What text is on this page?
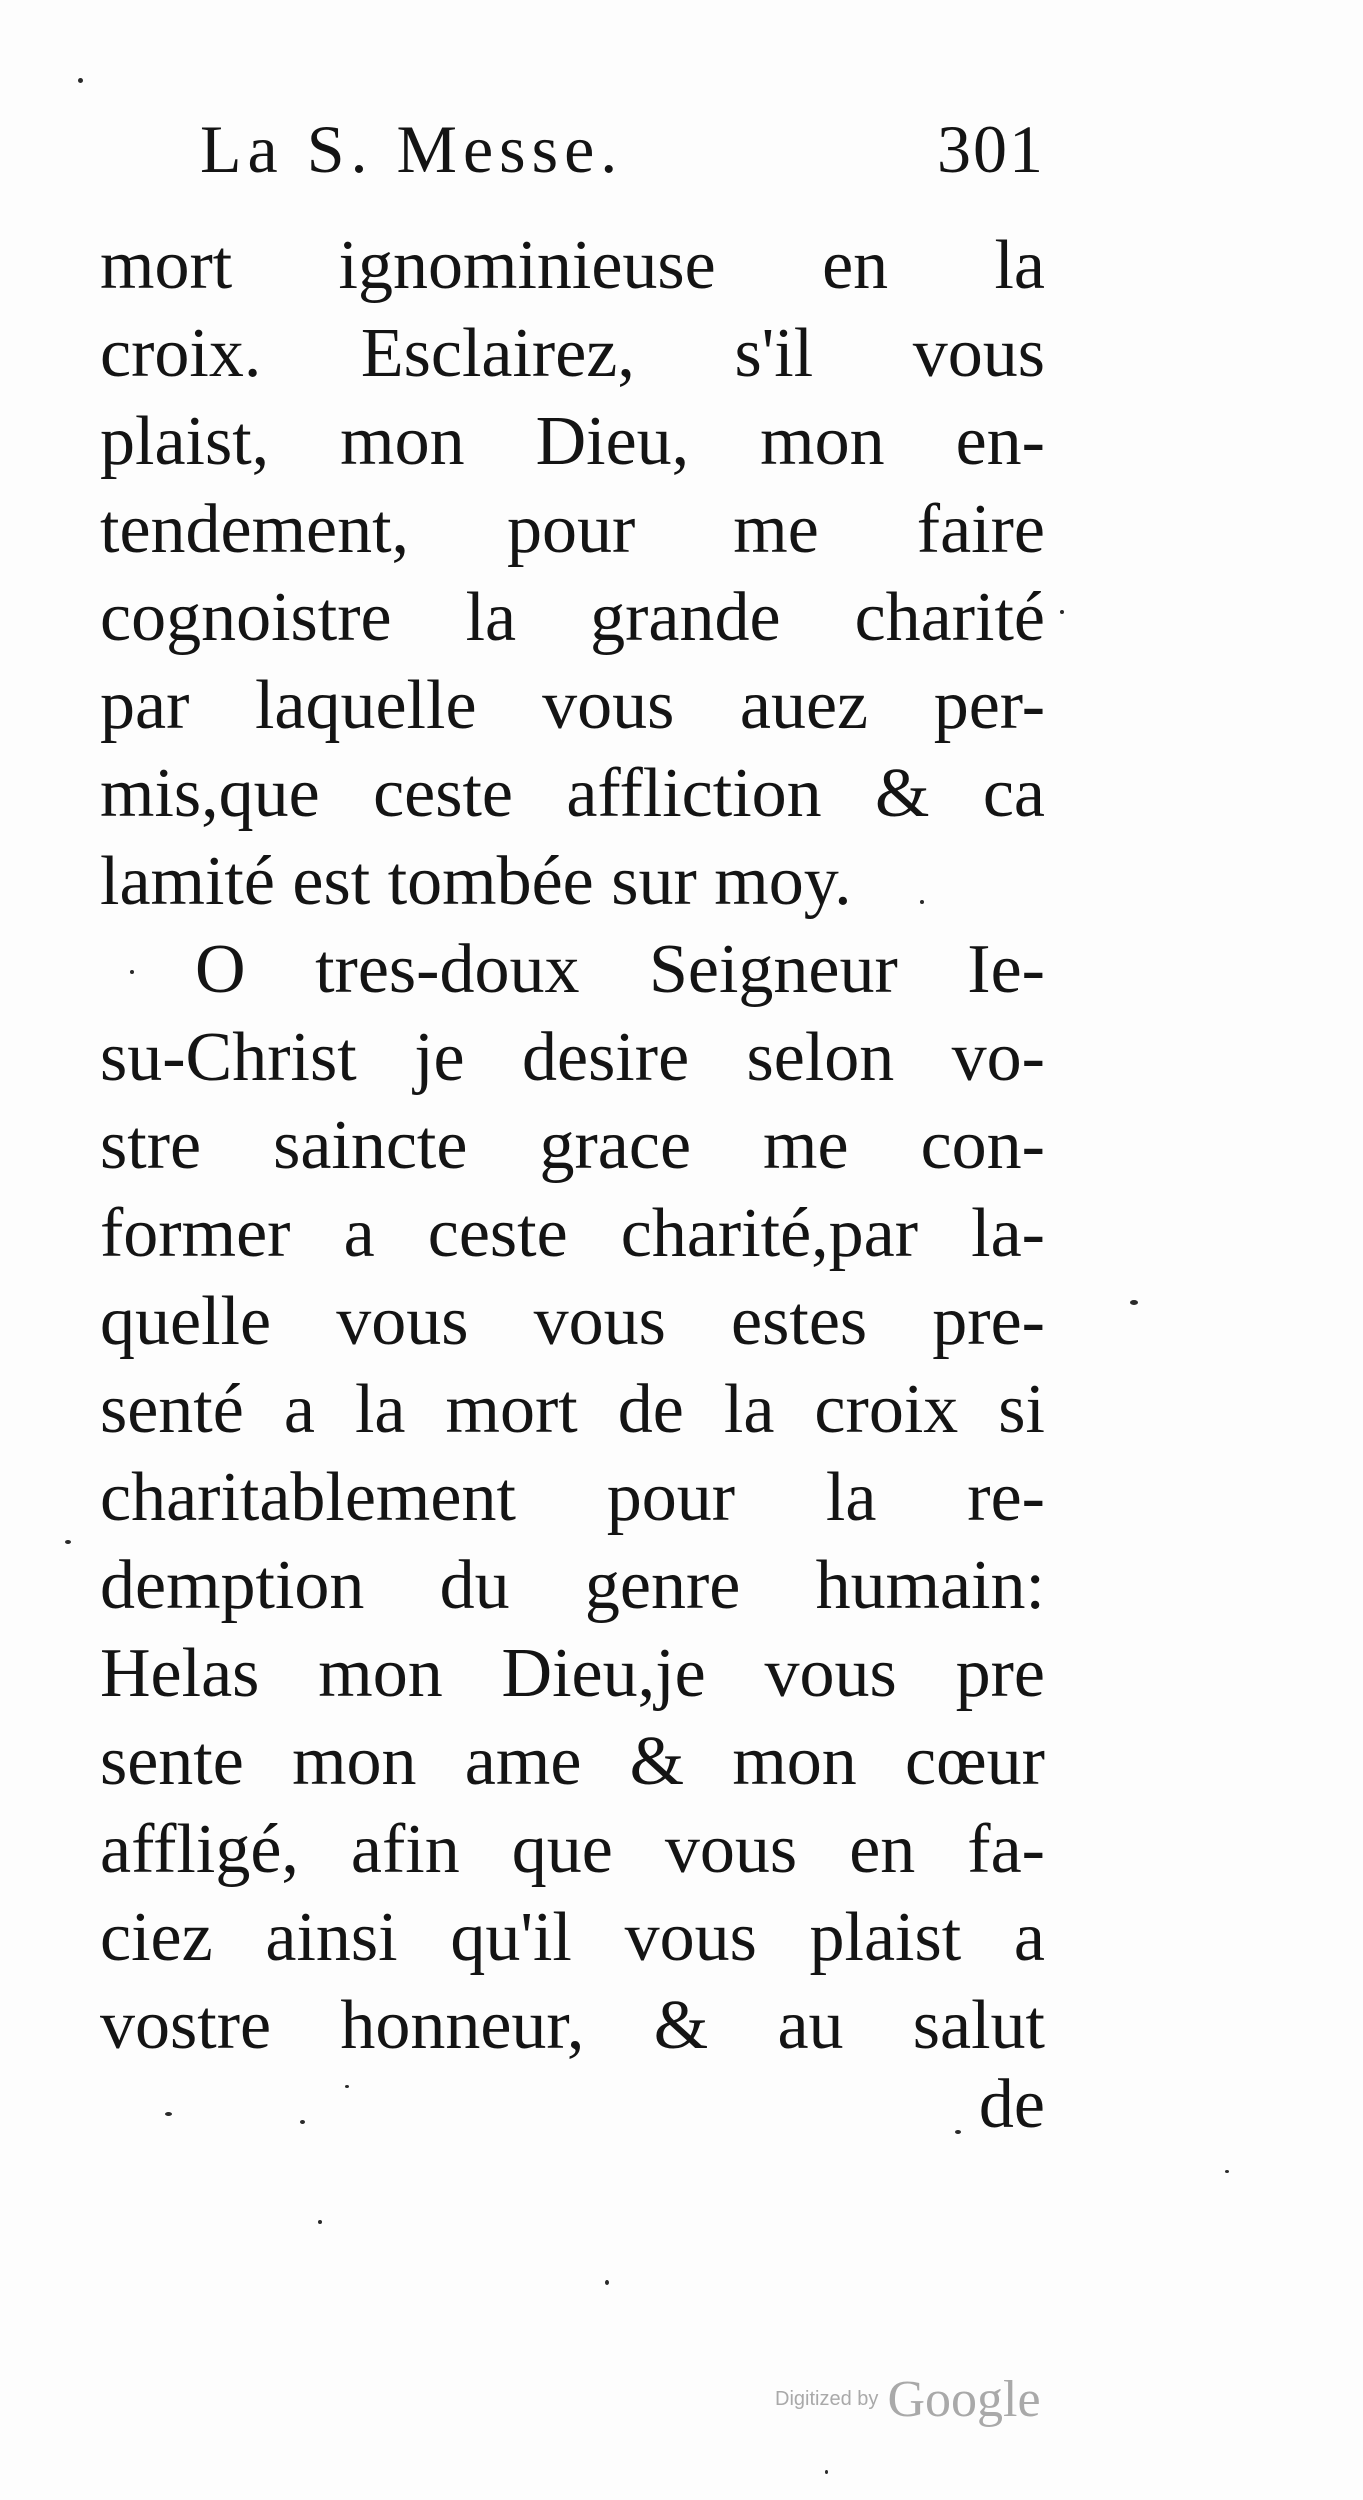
La S. Messe.	301
mort ignominieuse en la
croix. Esclairez, s'il vous
plaist, mon Dieu, mon en-
tendement, pour me faire
cognoistre la grande charité
par laquelle vous auez per-
mis,que ceste affliction & ca
lamité est tombée sur moy.
O tres-doux Seigneur Ie-
su-Christ je desire selon vo-
stre saincte grace me con-
former a ceste charité,par la-
quelle vous vous estes pre-
senté a la mort de la croix si
charitablement pour la re-
demption du genre humain:
Helas mon Dieu,je vous pre
sente mon ame & mon cœur
affligé, afin que vous en fa-
ciez ainsi qu'il vous plaist a
vostre honneur, & au salut
de
Digitized by Google
